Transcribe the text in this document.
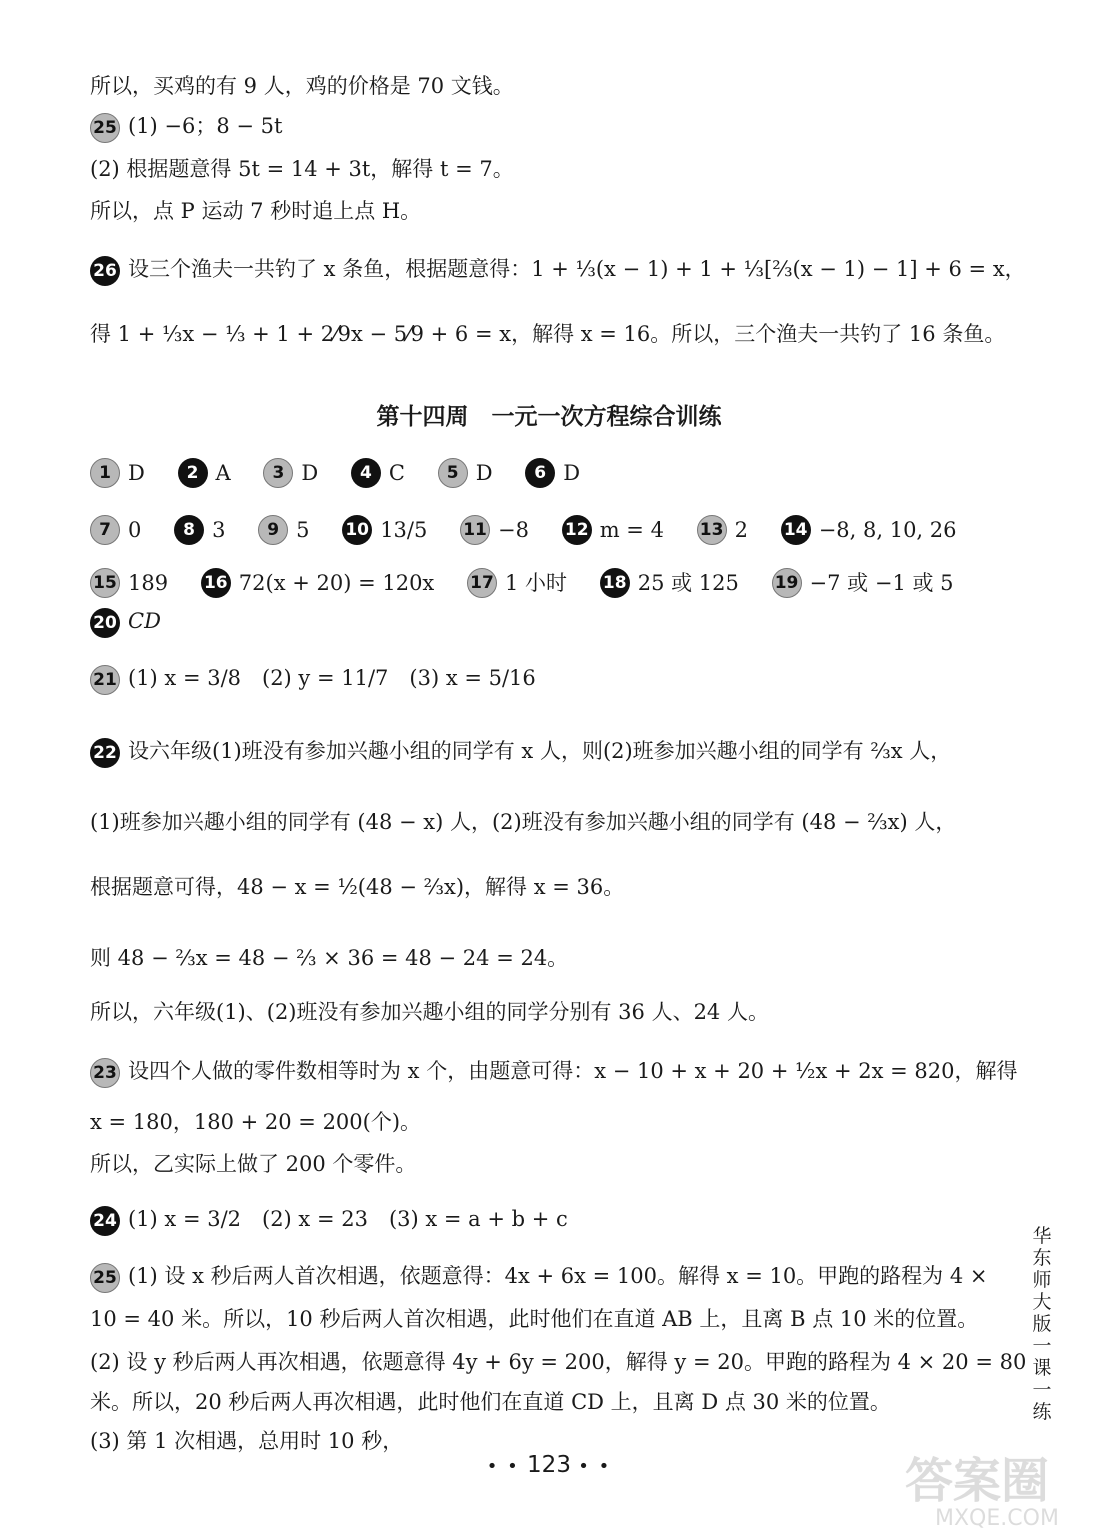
所以，买鸡的有 9 人，鸡的价格是 70 文钱。
25 (1) −6；8 − 5t
(2) 根据题意得 5t = 14 + 3t，解得 t = 7。
所以，点 P 运动 7 秒时追上点 H。
26 设三个渔夫一共钓了 x 条鱼，根据题意得：1 + ⅓(x − 1) + 1 + ⅓[⅔(x − 1) − 1] + 6 = x，
得 1 + ⅓x − ⅓ + 1 + 2⁄9x − 5⁄9 + 6 = x，解得 x = 16。所以，三个渔夫一共钓了 16 条鱼。
第十四周　一元一次方程综合训练
1 D 2 A 3 D 4 C 5 D 6 D
7 0 8 3 9 5 10 13/5 11 −8 12 m = 4 13 2 14 −8, 8, 10, 26
15 189 16 72(x + 20) = 120x 17 1 小时 18 25 或 125 19 −7 或 −1 或 5
20 CD
21 (1) x = 3/8　(2) y = 11/7　(3) x = 5/16
22 设六年级(1)班没有参加兴趣小组的同学有 x 人，则(2)班参加兴趣小组的同学有 ⅔x 人，
(1)班参加兴趣小组的同学有 (48 − x) 人，(2)班没有参加兴趣小组的同学有 (48 − ⅔x) 人，
根据题意可得，48 − x = ½(48 − ⅔x)，解得 x = 36。
则 48 − ⅔x = 48 − ⅔ × 36 = 48 − 24 = 24。
所以，六年级(1)、(2)班没有参加兴趣小组的同学分别有 36 人、24 人。
23 设四个人做的零件数相等时为 x 个，由题意可得：x − 10 + x + 20 + ½x + 2x = 820，解得
x = 180，180 + 20 = 200(个)。
所以，乙实际上做了 200 个零件。
24 (1) x = 3/2　(2) x = 23　(3) x = a + b + c
25 (1) 设 x 秒后两人首次相遇，依题意得：4x + 6x = 100。解得 x = 10。甲跑的路程为 4 ×
10 = 40 米。所以，10 秒后两人首次相遇，此时他们在直道 AB 上，且离 B 点 10 米的位置。
(2) 设 y 秒后两人再次相遇，依题意得 4y + 6y = 200，解得 y = 20。甲跑的路程为 4 × 20 = 80
米。所以，20 秒后两人再次相遇，此时他们在直道 CD 上，且离 D 点 30 米的位置。
(3) 第 1 次相遇，总用时 10 秒，
华东师大版一课一练
• • 123 • •	答案圈
MXQE.COM
